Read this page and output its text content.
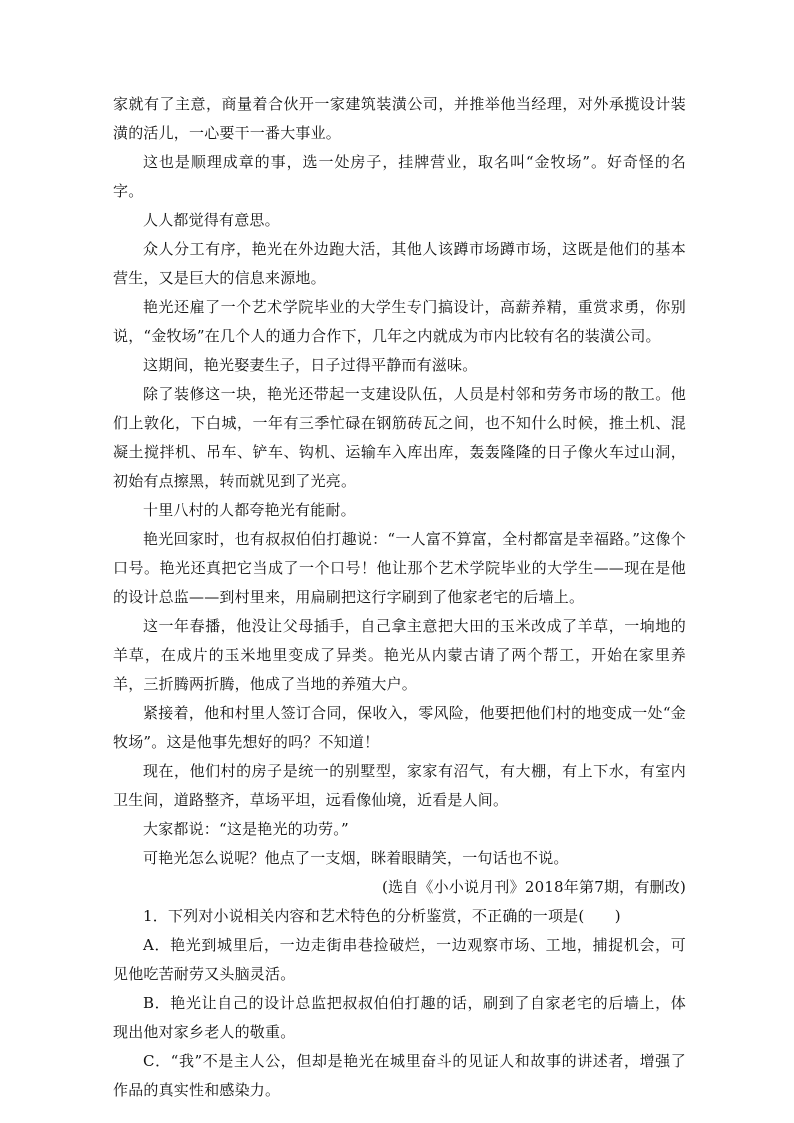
家就有了主意，商量着合伙开一家建筑装潢公司，并推举他当经理，对外承揽设计装潢的活儿，一心要干一番大事业。

这也是顺理成章的事，选一处房子，挂牌营业，取名叫“金牧场”。好奇怪的名字。

人人都觉得有意思。

众人分工有序，艳光在外边跑大活，其他人该蹲市场蹲市场，这既是他们的基本营生，又是巨大的信息来源地。

艳光还雇了一个艺术学院毕业的大学生专门搞设计，高薪养精，重赏求勇，你别说，“金牧场”在几个人的通力合作下，几年之内就成为市内比较有名的装潢公司。

这期间，艳光娶妻生子，日子过得平静而有滋味。

除了装修这一块，艳光还带起一支建设队伍，人员是村邻和劳务市场的散工。他们上敦化，下白城，一年有三季忙碌在钢筋砖瓦之间，也不知什么时候，推土机、混凝土搅拌机、吊车、铲车、钩机、运输车入库出库，轰轰隆隆的日子像火车过山洞，初始有点擦黑，转而就见到了光亮。

十里八村的人都夸艳光有能耐。

艳光回家时，也有叔叔伯伯打趣说：“一人富不算富，全村都富是幸福路。”这像个口号。艳光还真把它当成了一个口号！他让那个艺术学院毕业的大学生——现在是他的设计总监——到村里来，用扁刷把这行字刷到了他家老宅的后墙上。

这一年春播，他没让父母插手，自己拿主意把大田的玉米改成了羊草，一垧地的羊草，在成片的玉米地里变成了异类。艳光从内蒙古请了两个帮工，开始在家里养羊，三折腾两折腾，他成了当地的养殖大户。

紧接着，他和村里人签订合同，保收入，零风险，他要把他们村的地变成一处“金牧场”。这是他事先想好的吗？不知道！

现在，他们村的房子是统一的别墅型，家家有沼气，有大棚，有上下水，有室内卫生间，道路整齐，草场平坦，远看像仙境，近看是人间。

大家都说：“这是艳光的功劳。”

可艳光怎么说呢？他点了一支烟，眯着眼睛笑，一句话也不说。

(选自《小小说月刊》2018年第7期，有删改)

1．下列对小说相关内容和艺术特色的分析鉴赏，不正确的一项是(　　)

A．艳光到城里后，一边走街串巷捡破烂，一边观察市场、工地，捕捉机会，可见他吃苦耐劳又头脑灵活。

B．艳光让自己的设计总监把叔叔伯伯打趣的话，刷到了自家老宅的后墙上，体现出他对家乡老人的敬重。

C．“我”不是主人公，但却是艳光在城里奋斗的见证人和故事的讲述者，增强了作品的真实性和感染力。
